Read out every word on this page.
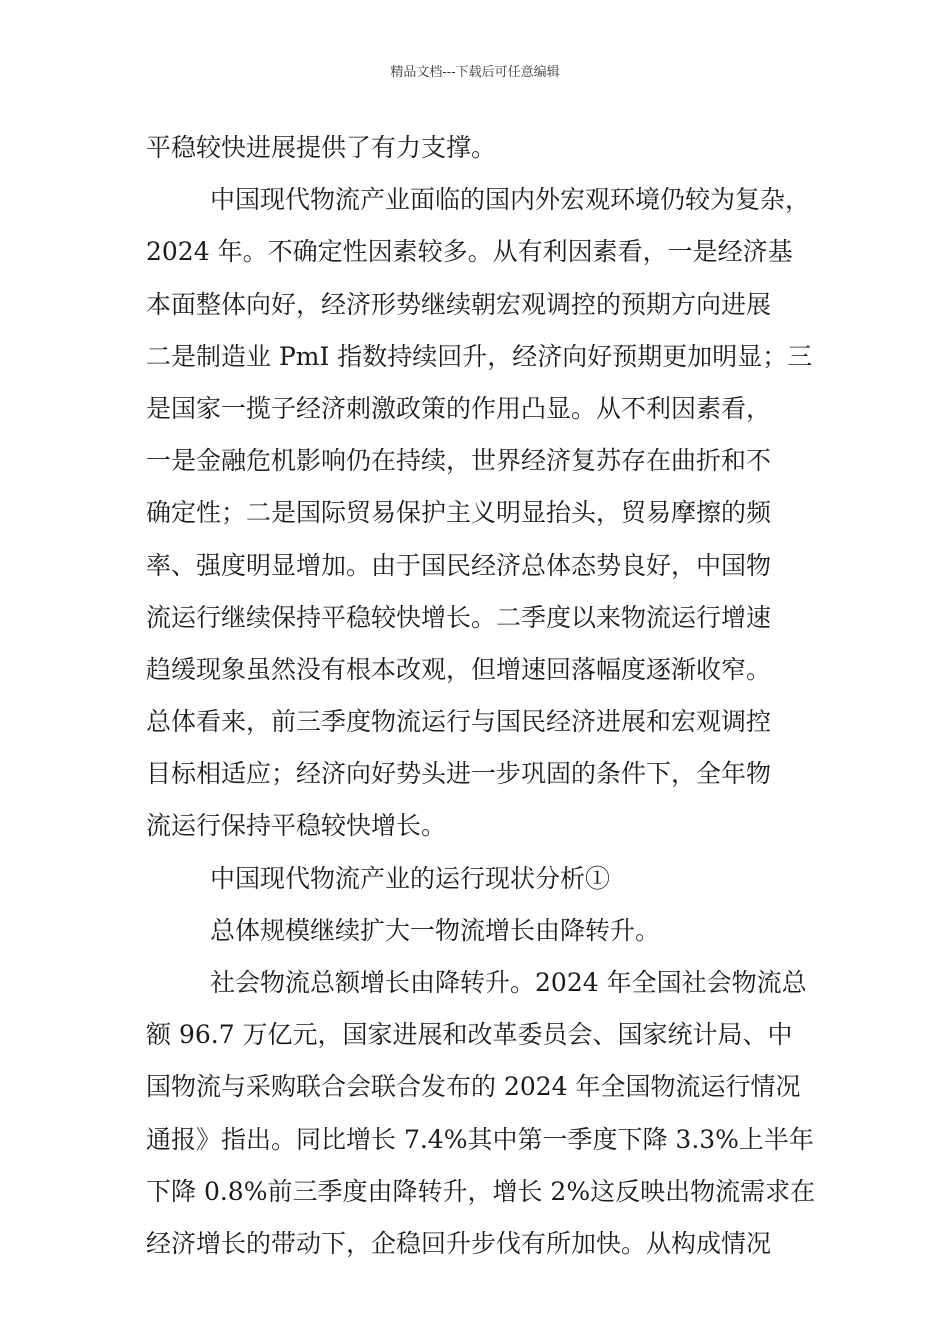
精品文档---下载后可任意编辑
平稳较快进展提供了有力支撑。
中国现代物流产业面临的国内外宏观环境仍较为复杂，
2024 年。不确定性因素较多。从有利因素看，一是经济基
本面整体向好，经济形势继续朝宏观调控的预期方向进展
二是制造业 PmI 指数持续回升，经济向好预期更加明显；三
是国家一揽子经济刺激政策的作用凸显。从不利因素看，
一是金融危机影响仍在持续，世界经济复苏存在曲折和不
确定性；二是国际贸易保护主义明显抬头，贸易摩擦的频
率、强度明显增加。由于国民经济总体态势良好，中国物
流运行继续保持平稳较快增长。二季度以来物流运行增速
趋缓现象虽然没有根本改观，但增速回落幅度逐渐收窄。
总体看来，前三季度物流运行与国民经济进展和宏观调控
目标相适应；经济向好势头进一步巩固的条件下，全年物
流运行保持平稳较快增长。
中国现代物流产业的运行现状分析①
总体规模继续扩大一物流增长由降转升。
社会物流总额增长由降转升。2024 年全国社会物流总
额 96.7 万亿元，国家进展和改革委员会、国家统计局、中
国物流与采购联合会联合发布的 2024 年全国物流运行情况
通报》指出。同比增长 7.4%其中第一季度下降 3.3%上半年
下降 0.8%前三季度由降转升，增长 2%这反映出物流需求在
经济增长的带动下，企稳回升步伐有所加快。从构成情况
